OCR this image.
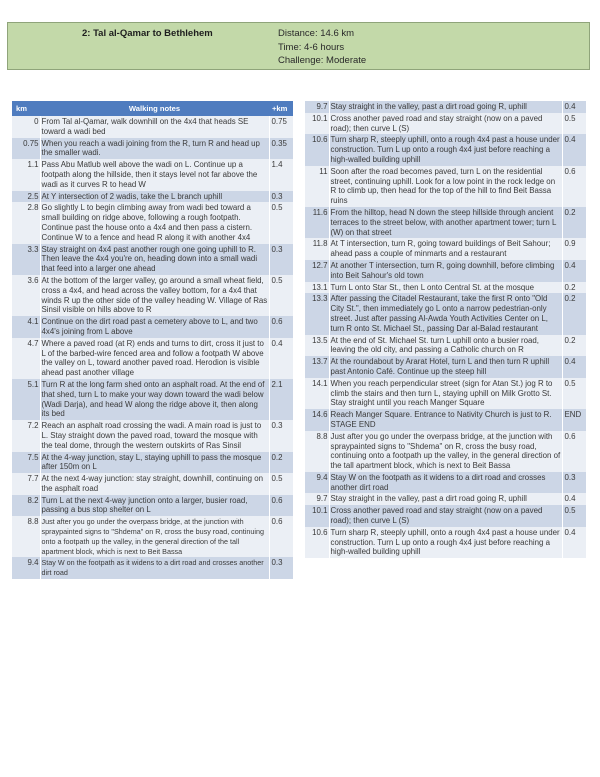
2: Tal al-Qamar to Bethlehem	Distance: 14.6 km
Time: 4-6 hours
Challenge: Moderate
km	Walking notes	+km
0	From Tal al-Qamar, walk downhill on the 4x4 that heads SE toward a wadi bed	0.75
0.75	When you reach a wadi joining from the R, turn R and head up the smaller wadi.	0.35
1.1	Pass Abu Matlub well above the wadi on L. Continue up a footpath along the hillside, then it stays level not far above the wadi as it curves R to head W	1.4
2.5	At Y intersection of 2 wadis, take the L branch uphill	0.3
2.8	Go slightly L to begin climbing away from wadi bed toward a small building on ridge above, following a rough footpath. Continue past the house onto a 4x4 and then pass a cistern. Continue W to a fence and head R along it with another 4x4	0.5
3.3	Stay straight on 4x4 past another rough one going uphill to R. Then leave the 4x4 you're on, heading down into a small wadi that feed into a larger one ahead	0.3
3.6	At the bottom of the larger valley, go around a small wheat field, cross a 4x4, and head across the valley bottom, for a 4x4 that winds R up the other side of the valley heading W. Village of Ras Sinsil visible on hills above to R	0.5
4.1	Continue on the dirt road past a cemetery above to L, and two 4x4's joining from L above	0.6
4.7	Where a paved road (at R) ends and turns to dirt, cross it just to L of the barbed-wire fenced area and follow a footpath W above the valley on L, toward another paved road. Herodion is visible ahead past another village	0.4
5.1	Turn R at the long farm shed onto an asphalt road. At the end of that shed, turn L to make your way down toward the wadi below (Wadi Darja), and head W along the ridge above it, then along its bed	2.1
7.2	Reach an asphalt road crossing the wadi. A main road is just to L. Stay straight down the paved road, toward the mosque with the teal dome, through the western outskirts of Ras Sinsil	0.3
7.5	At the 4-way junction, stay L, staying uphill to pass the mosque after 150m on L	0.2
7.7	At the next 4-way junction: stay straight, downhill, continuing on the asphalt road	0.5
8.2	Turn L at the next 4-way junction onto a larger, busier road, passing a bus stop shelter on L	0.6
8.8	Just after you go under the overpass bridge, at the junction with spraypainted signs to "Shdema" on R, cross the busy road, continuing onto a footpath up the valley, in the general direction of the tall apartment block, which is next to Beit Bassa	0.6
9.4	Stay W on the footpath as it widens to a dirt road and crosses another dirt road	0.3
9.7	Stay straight in the valley, past a dirt road going R, uphill	0.4
10.1	Cross another paved road and stay straight (now on a paved road); then curve L (S)	0.5
10.6	Turn sharp R, steeply uphill, onto a rough 4x4 past a house under construction. Turn L up onto a rough 4x4 just before reaching a high-walled building uphill	0.4
11	Soon after the road becomes paved, turn L on the residential street, continuing uphill. Look for a low point in the rock ledge on R to climb up, then head for the top of the hill to find Beit Bassa ruins	0.6
11.6	From the hilltop, head N down the steep hillside through ancient terraces to the street below, with another apartment tower; turn L (W) on that street	0.2
11.8	At T intersection, turn R, going toward buildings of Beit Sahour; ahead pass a couple of minmarts and a restaurant	0.9
12.7	At another T intersection, turn R, going downhill, before climbing into Beit Sahour's old town	0.4
13.1	Turn L onto Star St., then L onto Central St. at the mosque	0.2
13.3	After passing the Citadel Restaurant, take the first R onto "Old City St.", then immediately go L onto a narrow pedestrian-only street. Just after passing Al-Awda Youth Activities Center on L, turn R onto St. Michael St., passing Dar al-Balad restaurant	0.2
13.5	At the end of St. Michael St. turn L uphill onto a busier road, leaving the old city, and passing a Catholic church on R	0.2
13.7	At the roundabout by Ararat Hotel, turn L and then turn R uphill past Antonio Café. Continue up the steep hill	0.4
14.1	When you reach perpendicular street (sign for Atan St.) jog R to climb the stairs and then turn L, staying uphill on Milk Grotto St. Stay straight until you reach Manger Square	0.5
14.6	Reach Manger Square. Entrance to Nativity Church is just to R. STAGE END	END
8.8	Just after you go under the overpass bridge, at the junction with spraypainted signs to "Shdema" on R, cross the busy road, continuing onto a footpath up the valley, in the general direction of the tall apartment block, which is next to Beit Bassa	0.6
9.4	Stay W on the footpath as it widens to a dirt road and crosses another dirt road	0.3
9.7	Stay straight in the valley, past a dirt road going R, uphill	0.4
10.1	Cross another paved road and stay straight (now on a paved road); then curve L (S)	0.5
10.6	Turn sharp R, steeply uphill, onto a rough 4x4 past a house under construction. Turn L up onto a rough 4x4 just before reaching a high-walled building uphill	0.4
